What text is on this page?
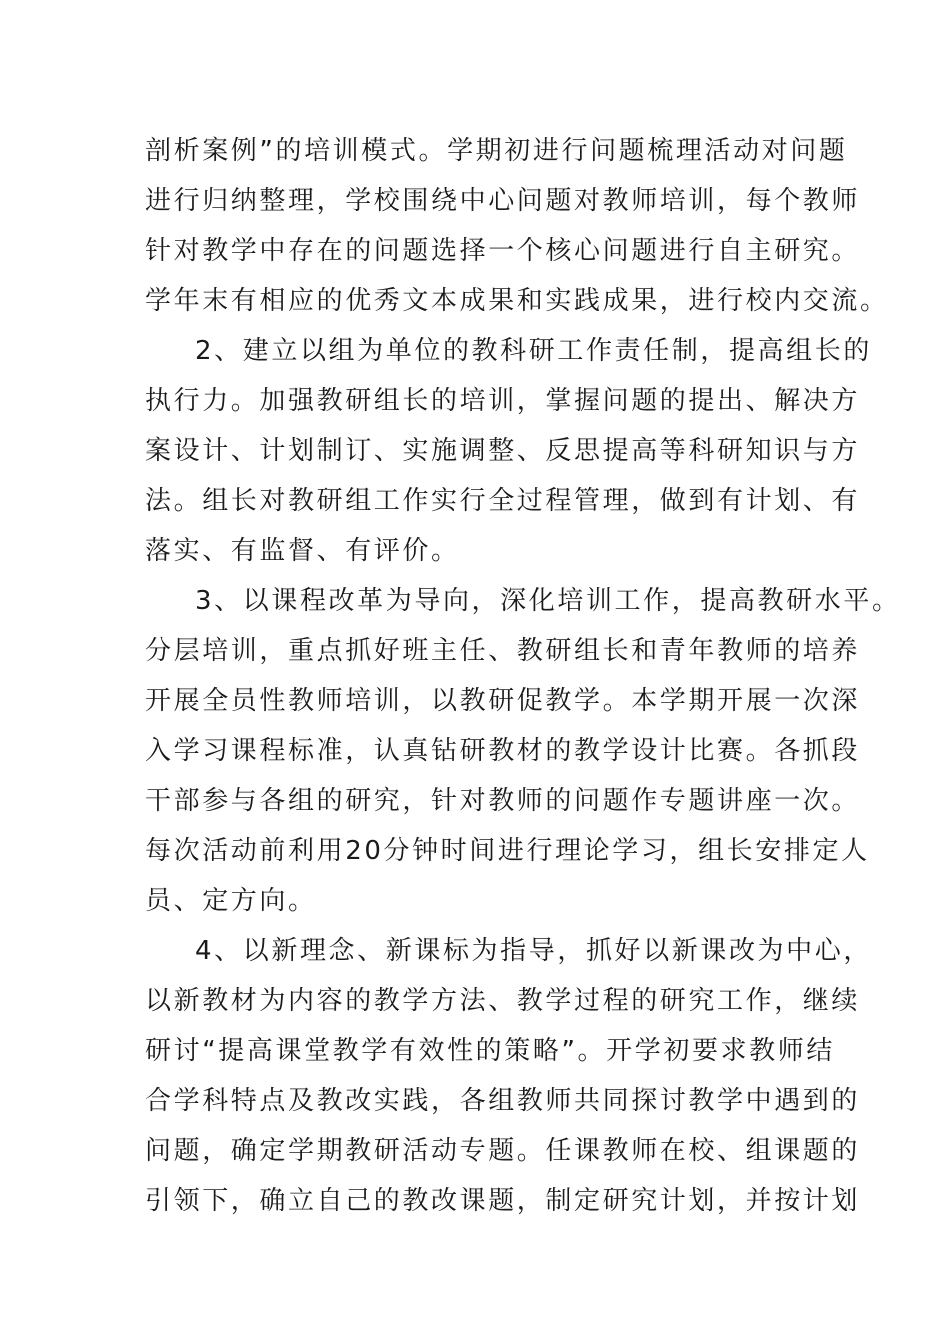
剖析案例”的培训模式。学期初进行问题梳理活动对问题
进行归纳整理，学校围绕中心问题对教师培训，每个教师
针对教学中存在的问题选择一个核心问题进行自主研究。
学年末有相应的优秀文本成果和实践成果，进行校内交流。
2、建立以组为单位的教科研工作责任制，提高组长的
执行力。加强教研组长的培训，掌握问题的提出、解决方
案设计、计划制订、实施调整、反思提高等科研知识与方
法。组长对教研组工作实行全过程管理，做到有计划、有
落实、有监督、有评价。
3、以课程改革为导向，深化培训工作，提高教研水平。
分层培训，重点抓好班主任、教研组长和青年教师的培养
开展全员性教师培训，以教研促教学。本学期开展一次深
入学习课程标准，认真钻研教材的教学设计比赛。各抓段
干部参与各组的研究，针对教师的问题作专题讲座一次。
每次活动前利用20分钟时间进行理论学习，组长安排定人
员、定方向。
4、以新理念、新课标为指导，抓好以新课改为中心，
以新教材为内容的教学方法、教学过程的研究工作，继续
研讨“提高课堂教学有效性的策略”。开学初要求教师结
合学科特点及教改实践，各组教师共同探讨教学中遇到的
问题，确定学期教研活动专题。任课教师在校、组课题的
引领下，确立自己的教改课题，制定研究计划，并按计划
